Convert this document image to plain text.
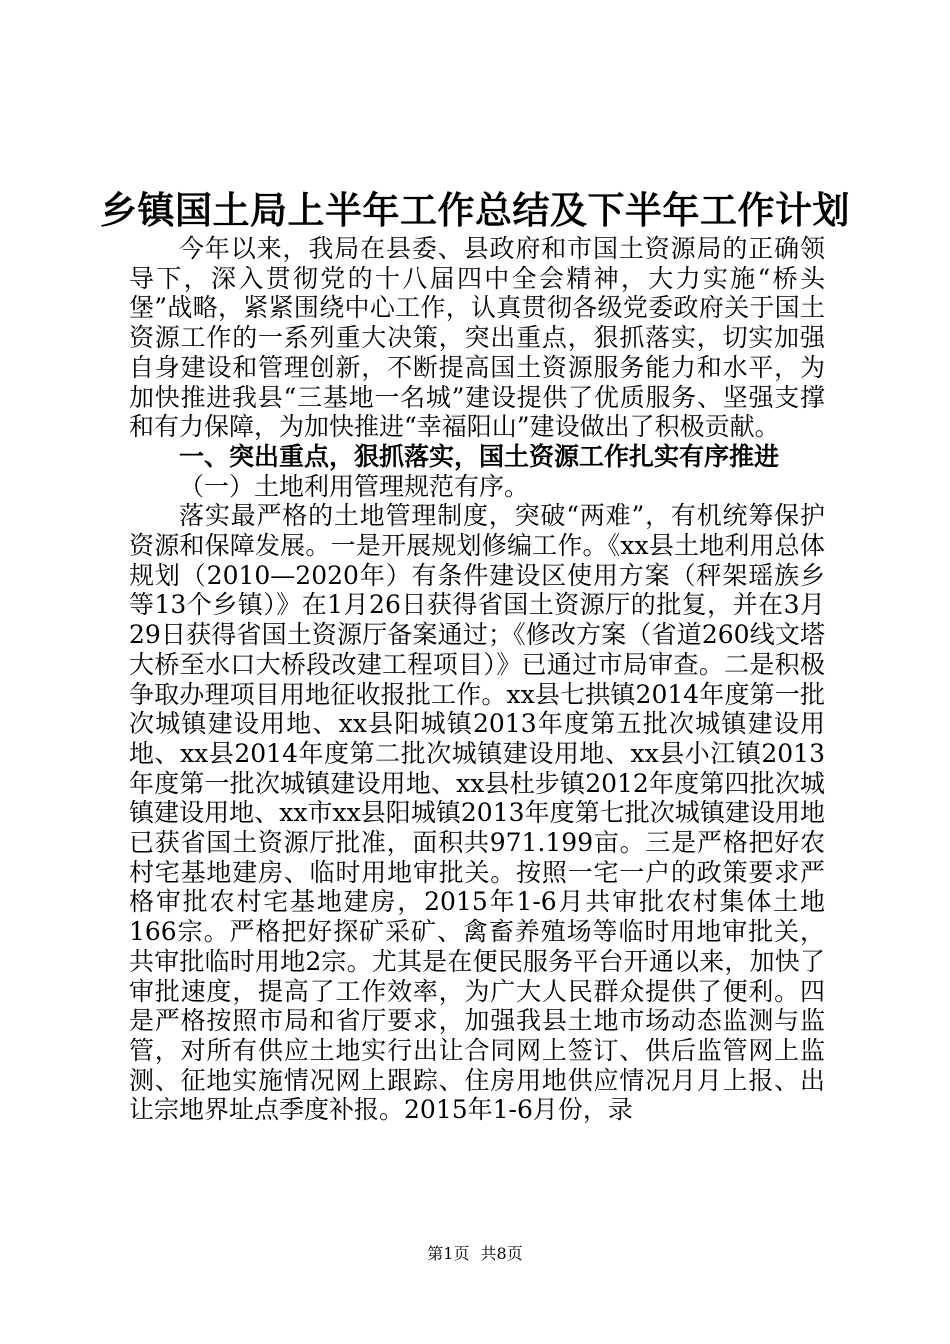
乡镇国土局上半年工作总结及下半年工作计划

今年以来，我局在县委、县政府和市国土资源局的正确领导下，深入贯彻党的十八届四中全会精神，大力实施“桥头堡”战略，紧紧围绕中心工作，认真贯彻各级党委政府关于国土资源工作的一系列重大决策，突出重点，狠抓落实，切实加强自身建设和管理创新，不断提高国土资源服务能力和水平，为加快推进我县“三基地一名城”建设提供了优质服务、坚强支撑和有力保障，为加快推进“幸福阳山”建设做出了积极贡献。

一、突出重点，狠抓落实，国土资源工作扎实有序推进
（一）土地利用管理规范有序。

落实最严格的土地管理制度，突破“两难”，有机统筹保护资源和保障发展。一是开展规划修编工作。《xx县土地利用总体规划（2010—2020年）有条件建设区使用方案（秤架瑶族乡等13个乡镇）》在1月26日获得省国土资源厅的批复，并在3月29日获得省国土资源厅备案通过；《修改方案（省道260线文塔大桥至水口大桥段改建工程项目）》已通过市局审查。二是积极争取办理项目用地征收报批工作。xx县七拱镇2014年度第一批次城镇建设用地、xx县阳城镇2013年度第五批次城镇建设用地、xx县2014年度第二批次城镇建设用地、xx县小江镇2013年度第一批次城镇建设用地、xx县杜步镇2012年度第四批次城镇建设用地、xx市xx县阳城镇2013年度第七批次城镇建设用地已获省国土资源厅批准，面积共971.199亩。三是严格把好农村宅基地建房、临时用地审批关。按照一宅一户的政策要求严格审批农村宅基地建房，2015年1-6月共审批农村集体土地166宗。严格把好探矿采矿、禽畜养殖场等临时用地审批关，共审批临时用地2宗。尤其是在便民服务平台开通以来，加快了审批速度，提高了工作效率，为广大人民群众提供了便利。四是严格按照市局和省厅要求，加强我县土地市场动态监测与监管，对所有供应土地实行出让合同网上签订、供后监管网上监测、征地实施情况网上跟踪、住房用地供应情况月月上报、出让宗地界址点季度补报。2015年1-6月份，录

第1页 共8页
